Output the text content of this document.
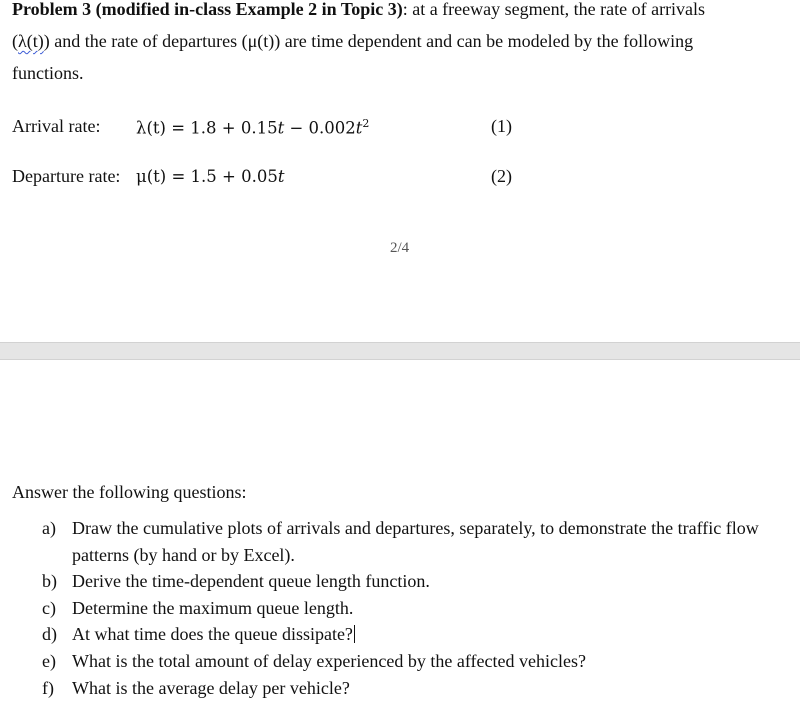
Problem 3 (modified in-class Example 2 in Topic 3): at a freeway segment, the rate of arrivals
(λ(t)) and the rate of departures (μ(t)) are time dependent and can be modeled by the following
functions.
Arrival rate: $\lambda(t) = 1.8 + 0.15t - 0.002t^2$	(1)
Departure rate: μ(t) = 1.5 + 0.05t	(2)
2/4
Answer the following questions:
a) Draw the cumulative plots of arrivals and departures, separately, to demonstrate the traffic flow patterns (by hand or by Excel).
b) Derive the time-dependent queue length function.
c) Determine the maximum queue length.
d) At what time does the queue dissipate?
e) What is the total amount of delay experienced by the affected vehicles?
f) What is the average delay per vehicle?
